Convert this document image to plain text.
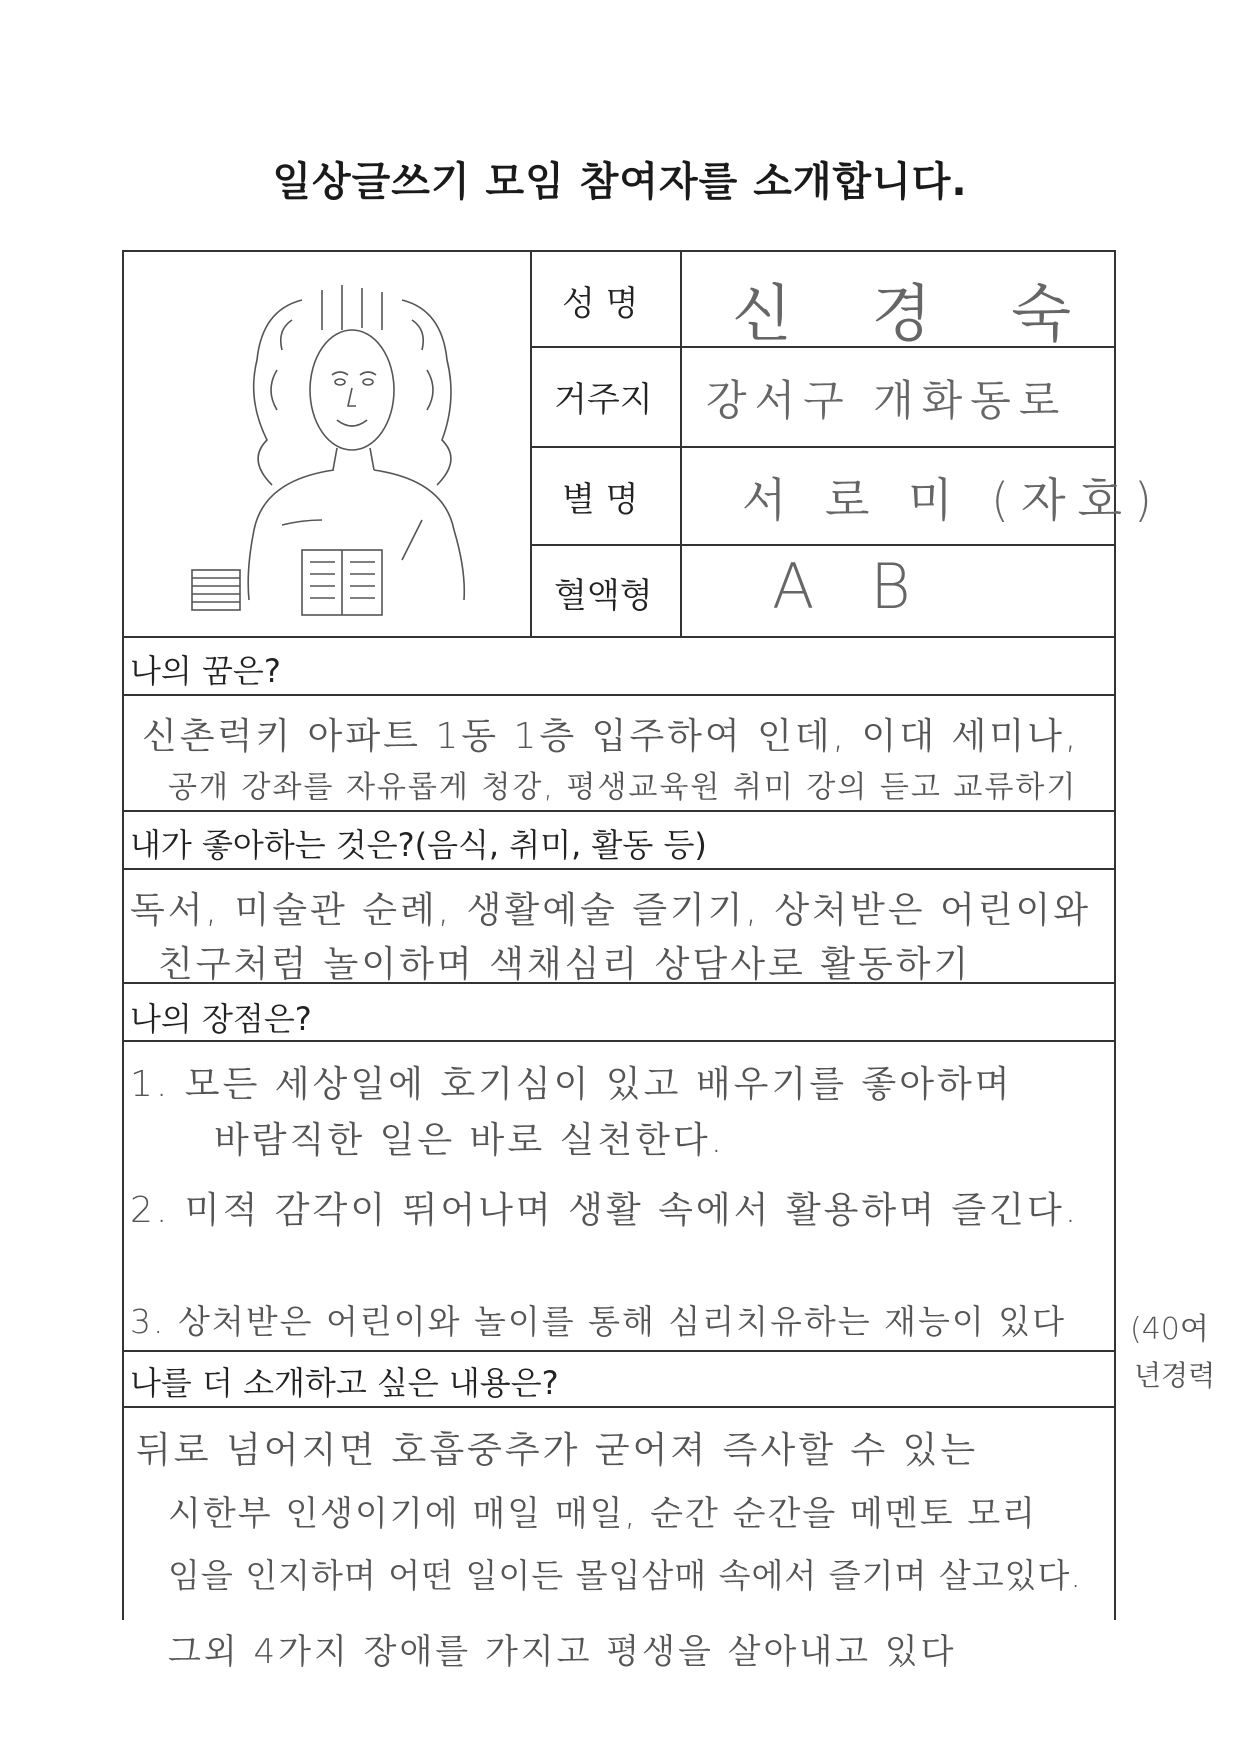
일상글쓰기 모임 참여자를 소개합니다.
성 명
거주지
별 명
혈액형
신 경 숙
강서구 개화동로
서 로 미 (자호)
A B
나의 꿈은?
신촌럭키 아파트 1동 1층 입주하여 인데, 이대 세미나,
공개 강좌를 자유롭게 청강, 평생교육원 취미 강의 듣고 교류하기
내가 좋아하는 것은?(음식, 취미, 활동 등)
독서, 미술관 순례, 생활예술 즐기기, 상처받은 어린이와
친구처럼 놀이하며 색채심리 상담사로 활동하기
나의 장점은?
1. 모든 세상일에 호기심이 있고 배우기를 좋아하며
바람직한 일은 바로 실천한다.
2. 미적 감각이 뛰어나며 생활 속에서 활용하며 즐긴다.
3. 상처받은 어린이와 놀이를 통해 심리치유하는 재능이 있다 (40여
년경력
나를 더 소개하고 싶은 내용은?
뒤로 넘어지면 호흡중추가 굳어져 즉사할 수 있는
시한부 인생이기에 매일 매일, 순간 순간을 메멘토 모리
임을 인지하며 어떤 일이든 몰입삼매 속에서 즐기며 살고있다.
그외 4가지 장애를 가지고 평생을 살아내고 있다
